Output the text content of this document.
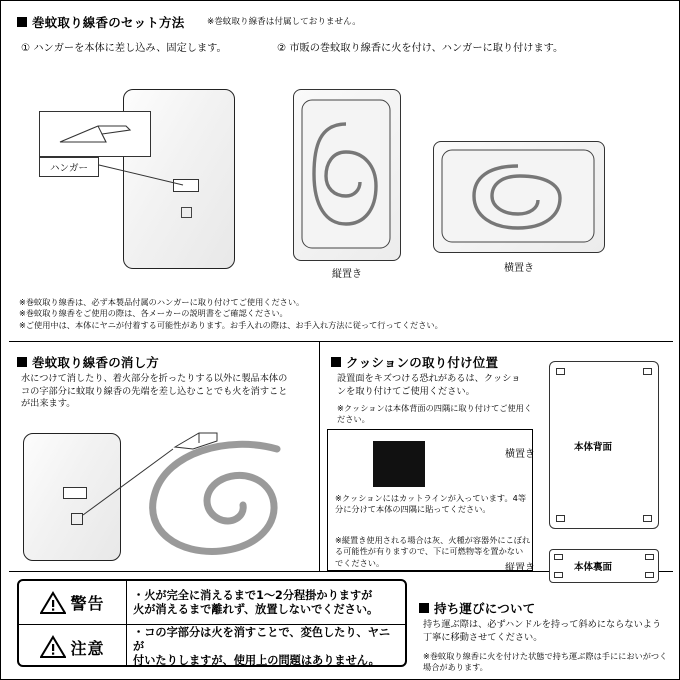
巻蚊取り線香のセット方法	※巻蚊取り線香は付属しておりません。
① ハンガーを本体に差し込み、固定します。	② 市販の巻蚊取り線香に火を付け、ハンガーに取り付けます。
ハンガー
縦置き
横置き
※巻蚊取り線香は、必ず本製品付属のハンガーに取り付けてご使用ください。
※巻蚊取り線香をご使用の際は、各メーカーの説明書をご確認ください。
※ご使用中は、本体にヤニが付着する可能性があります。お手入れの際は、お手入れ方法に従って行ってください。
巻蚊取り線香の消し方
水につけて消したり、着火部分を折ったりする以外に製品本体のコの字部分に蚊取り線香の先端を差し込むことでも火を消すことが出来ます。
クッションの取り付け位置
設置面をキズつける恐れがあるは、クッションを取り付けてご使用ください。
※クッションは本体背面の四隅に取り付けてご使用ください。
※クッションにはカットラインが入っています。4等分に分けて本体の四隅に貼ってください。
※縦置き使用される場合は灰、火種が容器外にこぼれる可能性が有りますので、下に可燃物等を置かないでください。
本体背面
横置き
本体裏面
縦置き
警告	・火が完全に消えるまで1～2分程掛かりますが
火が消えるまで離れず、放置しないでください。
注意
・コの字部分は火を消すことで、変色したり、ヤニが
付いたりしますが、使用上の問題はありません。
持ち運びについて
持ち運ぶ際は、必ずハンドルを持って斜めにならないよう丁寧に移動させてください。
※巻蚊取り線香に火を付けた状態で持ち運ぶ際は手ににおいがつく場合があります。
